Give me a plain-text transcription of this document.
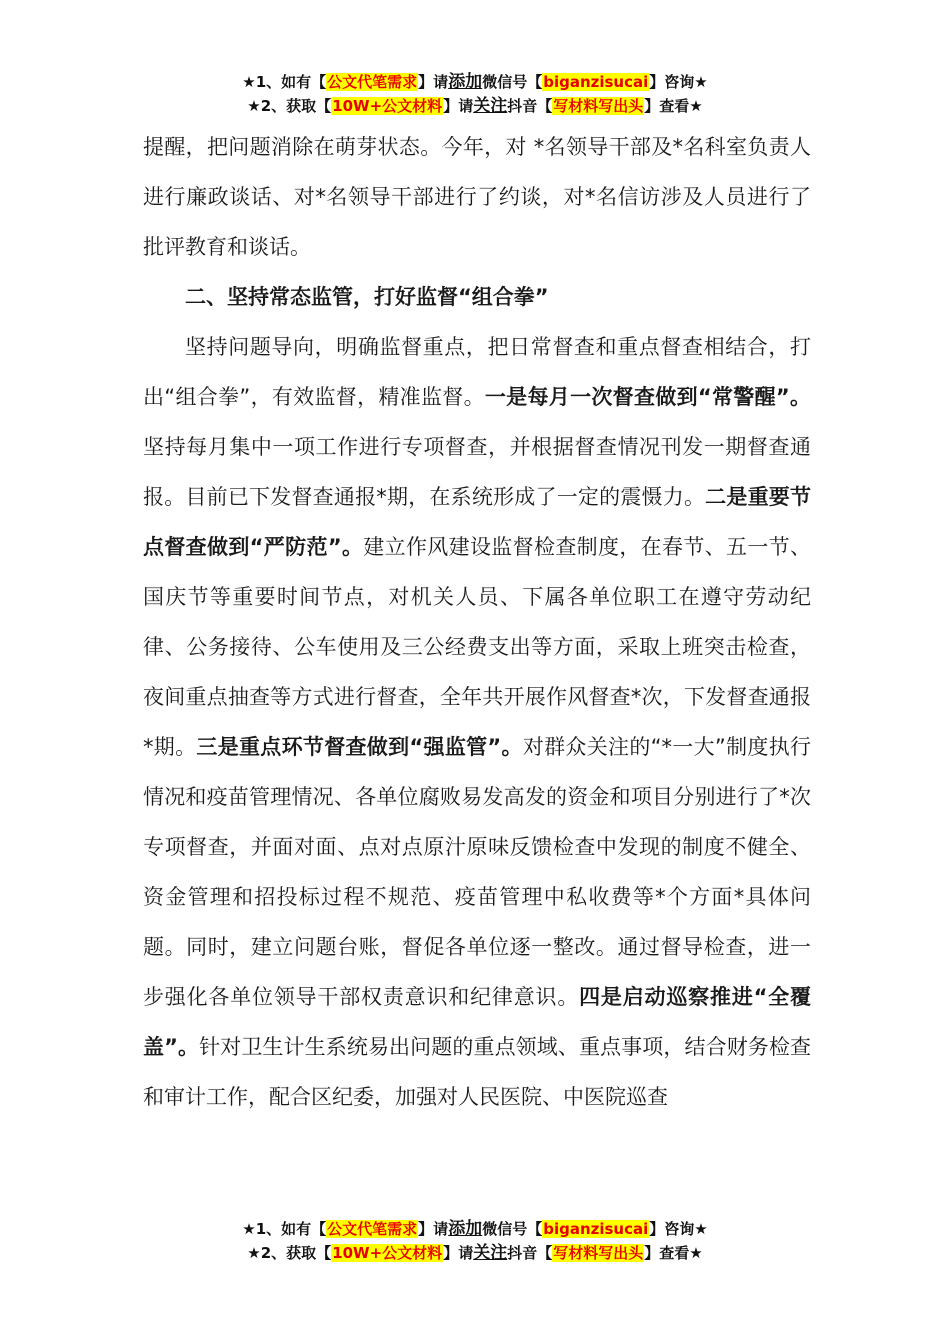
★1、如有【公文代笔需求】请添加微信号【biganzisucai】咨询★
★2、获取【10W+公文材料】请关注抖音【写材料写出头】查看★

提醒，把问题消除在萌芽状态。今年，对 *名领导干部及*名科室负责人进行廉政谈话、对*名领导干部进行了约谈，对*名信访涉及人员进行了批评教育和谈话。

二、坚持常态监管，打好监督“组合拳”

坚持问题导向，明确监督重点，把日常督查和重点督查相结合，打出“组合拳”，有效监督，精准监督。一是每月一次督查做到“常警醒”。坚持每月集中一项工作进行专项督查，并根据督查情况刊发一期督查通报。目前已下发督查通报*期，在系统形成了一定的震慑力。二是重要节点督查做到“严防范”。建立作风建设监督检查制度，在春节、五一节、国庆节等重要时间节点，对机关人员、下属各单位职工在遵守劳动纪律、公务接待、公车使用及三公经费支出等方面，采取上班突击检查，夜间重点抽查等方式进行督查，全年共开展作风督查*次，下发督查通报*期。三是重点环节督查做到“强监管”。对群众关注的“*一大”制度执行情况和疫苗管理情况、各单位腐败易发高发的资金和项目分别进行了*次专项督查，并面对面、点对点原汁原味反馈检查中发现的制度不健全、资金管理和招投标过程不规范、疫苗管理中私收费等*个方面*具体问题。同时，建立问题台账，督促各单位逐一整改。通过督导检查，进一步强化各单位领导干部权责意识和纪律意识。四是启动巡察推进“全覆盖”。针对卫生计生系统易出问题的重点领域、重点事项，结合财务检查和审计工作，配合区纪委，加强对人民医院、中医院巡查

★1、如有【公文代笔需求】请添加微信号【biganzisucai】咨询★
★2、获取【10W+公文材料】请关注抖音【写材料写出头】查看★
